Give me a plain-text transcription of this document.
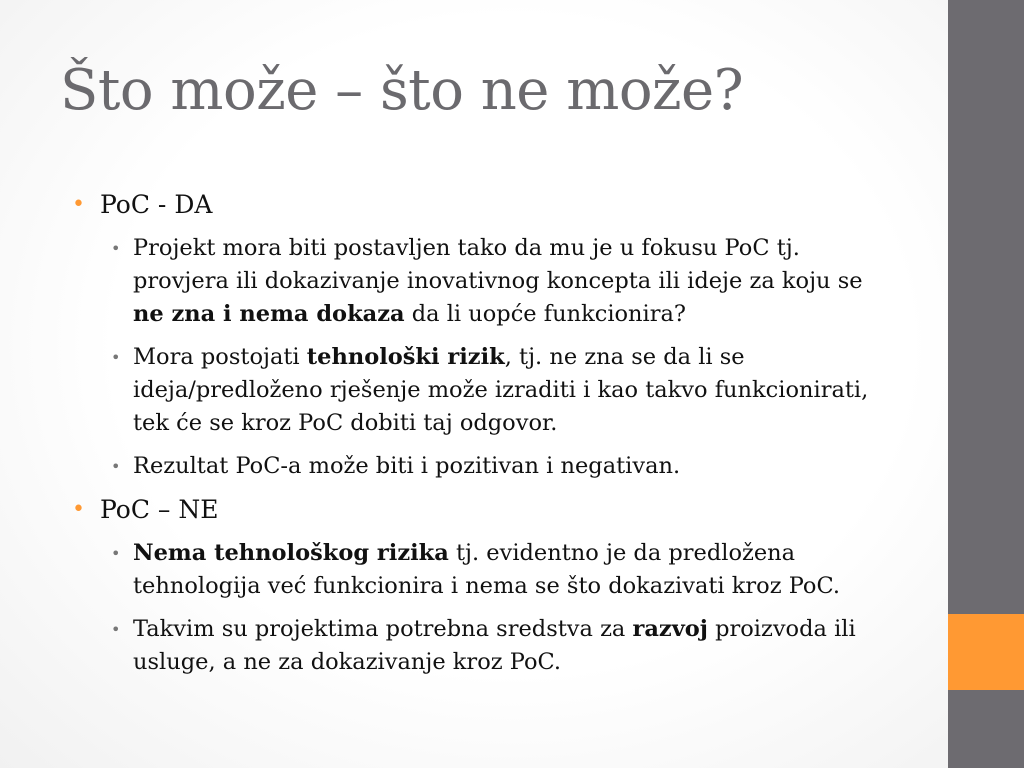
Što može – što ne može?
• PoC - DA
• Projekt mora biti postavljen tako da mu je u fokusu PoC tj. provjera ili dokazivanje inovativnog koncepta ili ideje za koju se ne zna i nema dokaza da li uopće funkcionira?
• Mora postojati tehnološki rizik, tj. ne zna se da li se ideja/predloženo rješenje može izraditi i kao takvo funkcionirati, tek će se kroz PoC dobiti taj odgovor.
• Rezultat PoC-a može biti i pozitivan i negativan.
• PoC – NE
• Nema tehnološkog rizika tj. evidentno je da predložena tehnologija već funkcionira i nema se što dokazivati kroz PoC.
• Takvim su projektima potrebna sredstva za razvoj proizvoda ili usluge, a ne za dokazivanje kroz PoC.
